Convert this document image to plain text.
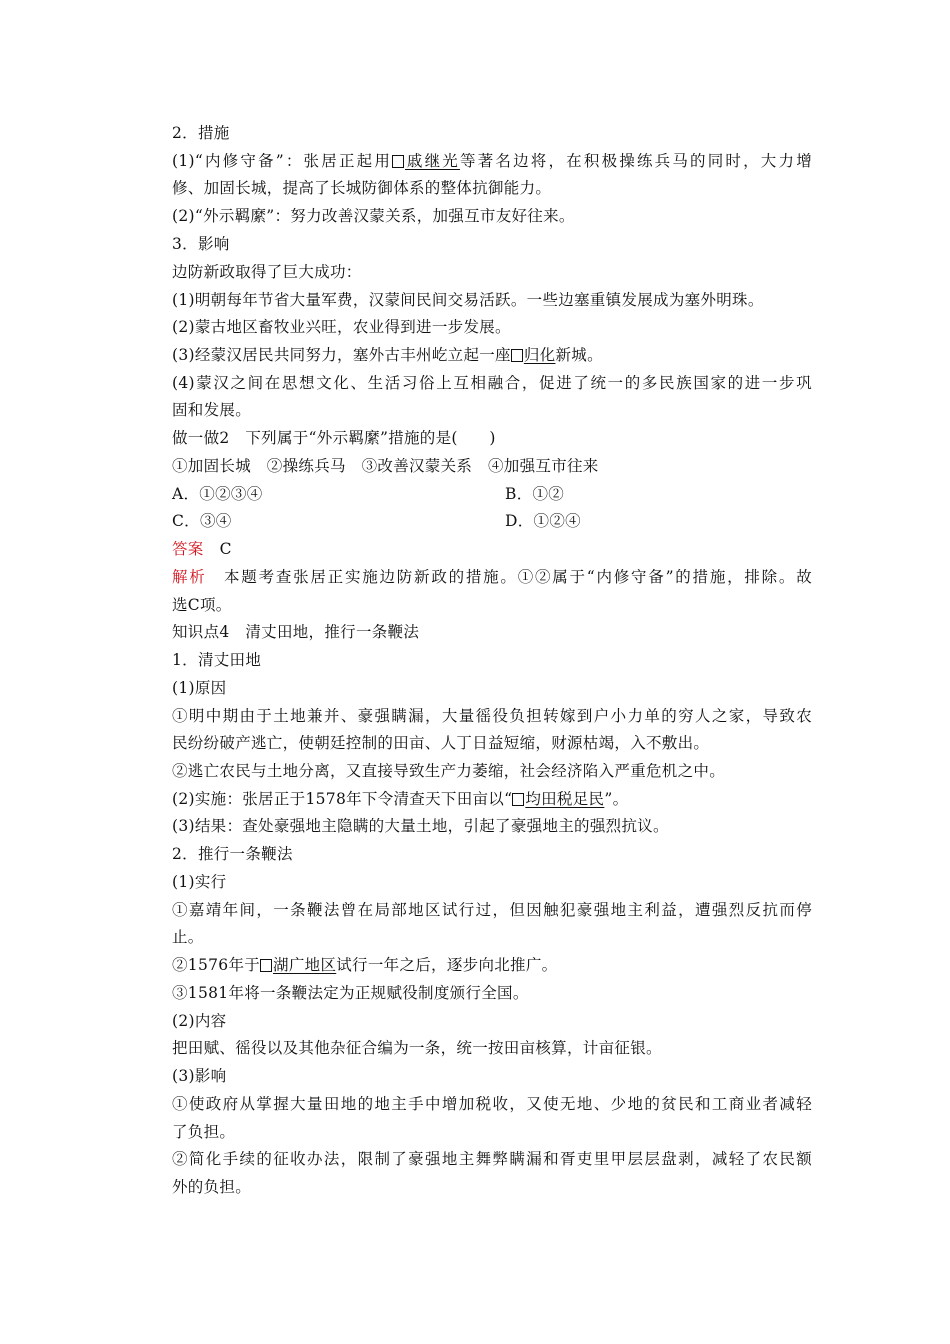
2．措施
(1)“内修守备”：张居正起用 戚继光等著名边将，在积极操练兵马的同时，大力增
修、加固长城，提高了长城防御体系的整体抗御能力。
(2)“外示羁縻”：努力改善汉蒙关系，加强互市友好往来。
3．影响
边防新政取得了巨大成功：
(1)明朝每年节省大量军费，汉蒙间民间交易活跃。一些边塞重镇发展成为塞外明珠。
(2)蒙古地区畜牧业兴旺，农业得到进一步发展。
(3)经蒙汉居民共同努力，塞外古丰州屹立起一座 归化新城。
(4)蒙汉之间在思想文化、生活习俗上互相融合，促进了统一的多民族国家的进一步巩
固和发展。
做一做2　下列属于“外示羁縻”措施的是(　　)
①加固长城　②操练兵马　③改善汉蒙关系　④加强互市往来
A．①②③④	B．①②
C．③④	D．①②④
答案 C
解析 本题考查张居正实施边防新政的措施。①②属于“内修守备”的措施，排除。故
选C项。
知识点4　清丈田地，推行一条鞭法
1．清丈田地
(1)原因
①明中期由于土地兼并、豪强瞒漏，大量徭役负担转嫁到户小力单的穷人之家，导致农
民纷纷破产逃亡，使朝廷控制的田亩、人丁日益短缩，财源枯竭，入不敷出。
②逃亡农民与土地分离，又直接导致生产力萎缩，社会经济陷入严重危机之中。
(2)实施：张居正于1578年下令清查天下田亩以“ 均田税足民”。
(3)结果：查处豪强地主隐瞒的大量土地，引起了豪强地主的强烈抗议。
2．推行一条鞭法
(1)实行
①嘉靖年间，一条鞭法曾在局部地区试行过，但因触犯豪强地主利益，遭强烈反抗而停
止。
②1576年于 湖广地区试行一年之后，逐步向北推广。
③1581年将一条鞭法定为正规赋役制度颁行全国。
(2)内容
把田赋、徭役以及其他杂征合编为一条，统一按田亩核算，计亩征银。
(3)影响
①使政府从掌握大量田地的地主手中增加税收，又使无地、少地的贫民和工商业者减轻
了负担。
②简化手续的征收办法，限制了豪强地主舞弊瞒漏和胥吏里甲层层盘剥，减轻了农民额
外的负担。
